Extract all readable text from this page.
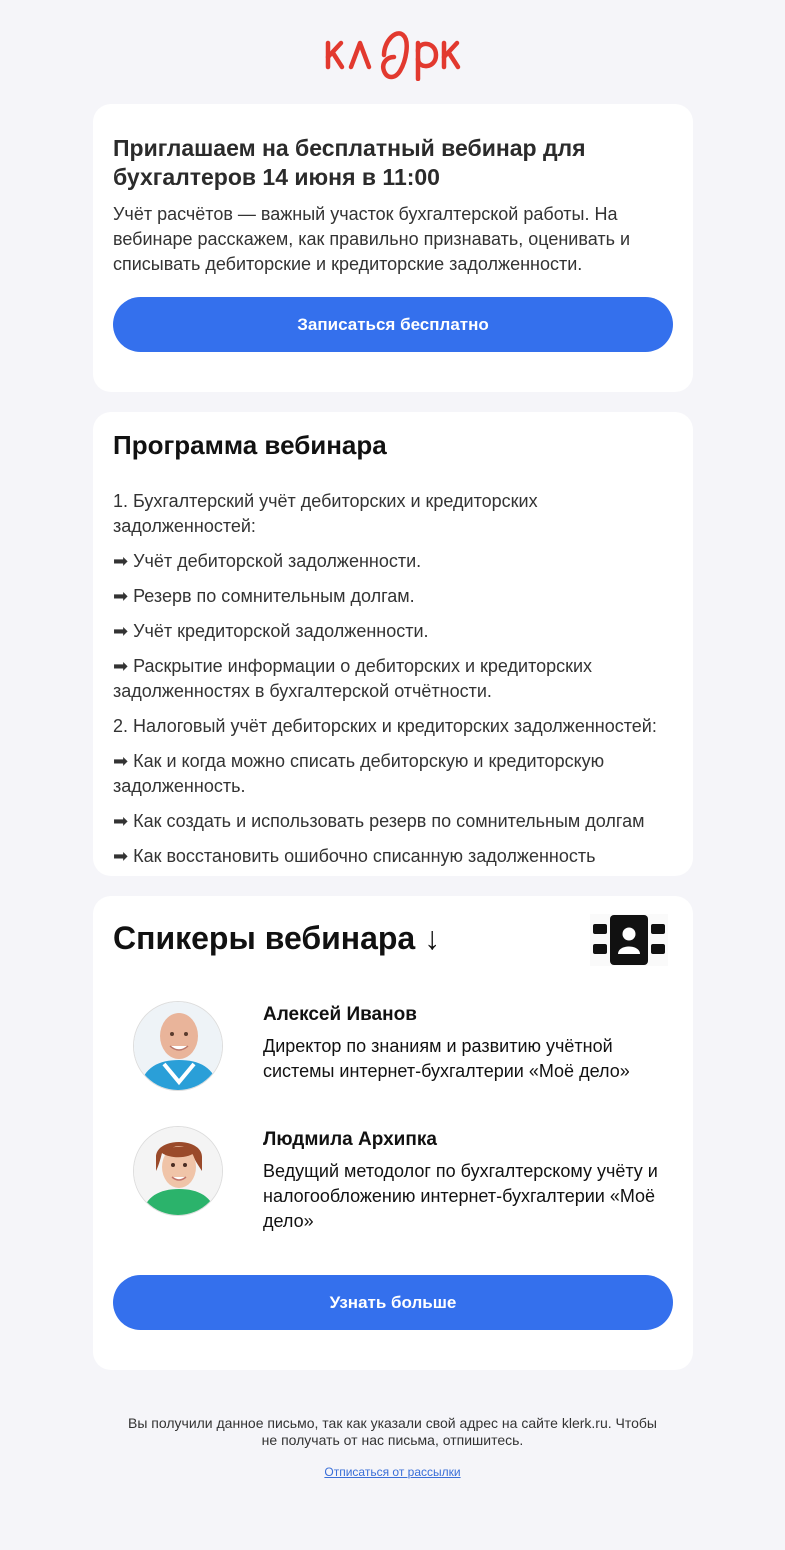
Приглашаем на бесплатный вебинар для бухгалтеров 14 июня в 11:00
Учёт расчётов — важный участок бухгалтерской работы. На вебинаре расскажем, как правильно признавать, оценивать и списывать дебиторские и кредиторские задолженности.
Записаться бесплатно
Программа вебинара

1. Бухгалтерский учёт дебиторских и кредиторских задолженностей:

➡ Учёт дебиторской задолженности.

➡ Резерв по сомнительным долгам.

➡ Учёт кредиторской задолженности.

➡ Раскрытие информации о дебиторских и кредиторских задолженностях в бухгалтерской отчётности.

2. Налоговый учёт дебиторских и кредиторских задолженностей:

➡ Как и когда можно списать дебиторскую и кредиторскую задолженность.

➡ Как создать и использовать резерв по сомнительным долгам

➡ Как восстановить ошибочно списанную задолженность

Спикеры вебинара ↓
Алексей Иванов
Директор по знаниям и развитию учётной системы интернет-бухгалтерии «Моё дело»
Людмила Архипка
Ведущий методолог по бухгалтерскому учёту и налогообложению интернет-бухгалтерии «Моё дело»
Узнать больше
Вы получили данное письмо, так как указали свой адрес на сайте klerk.ru. Чтобы не получать от нас письма, отпишитесь.
Отписаться от рассылки
